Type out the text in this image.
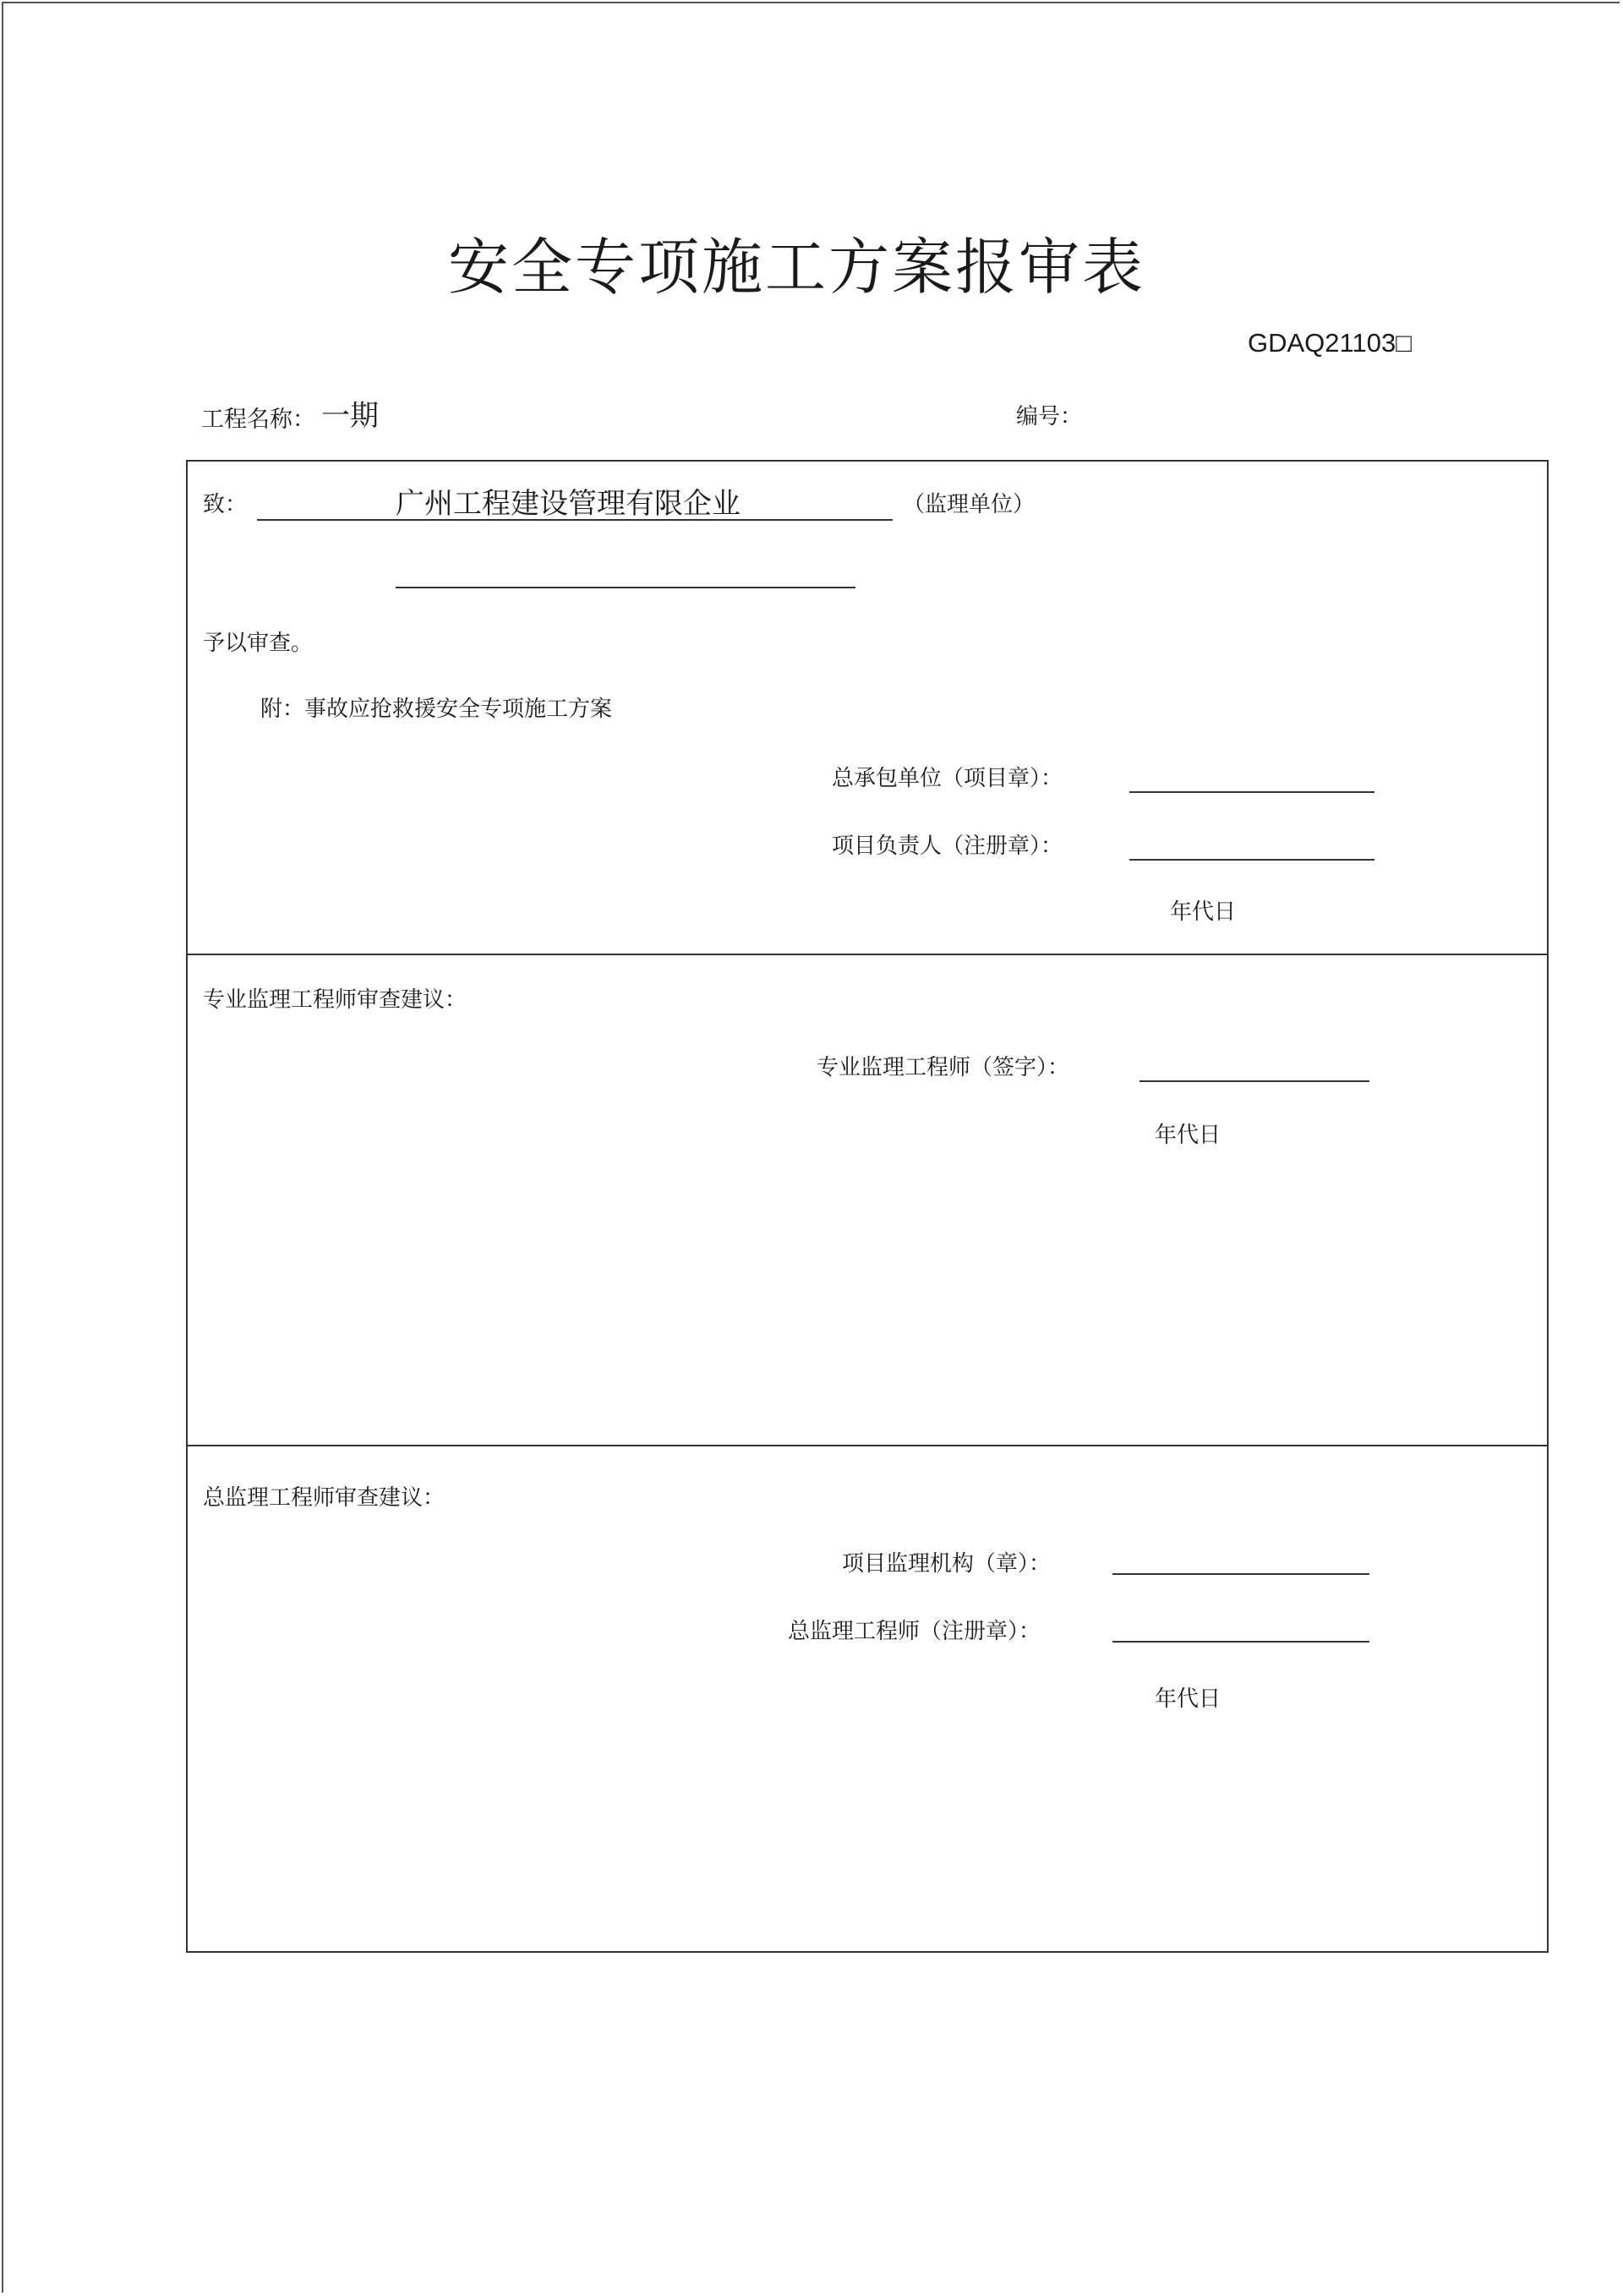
安全专项施工方案报审表
GDAQ21103□
工程名称： 一期	编号：
致：	广州工程建设管理有限企业	（监理单位）
予以审查。
附：事故应抢救援安全专项施工方案
总承包单位（项目章）：
项目负责人（注册章）：
年代日
专业监理工程师审查建议：
专业监理工程师（签字）：
年代日
总监理工程师审查建议：
项目监理机构（章）：
总监理工程师（注册章）：
年代日
